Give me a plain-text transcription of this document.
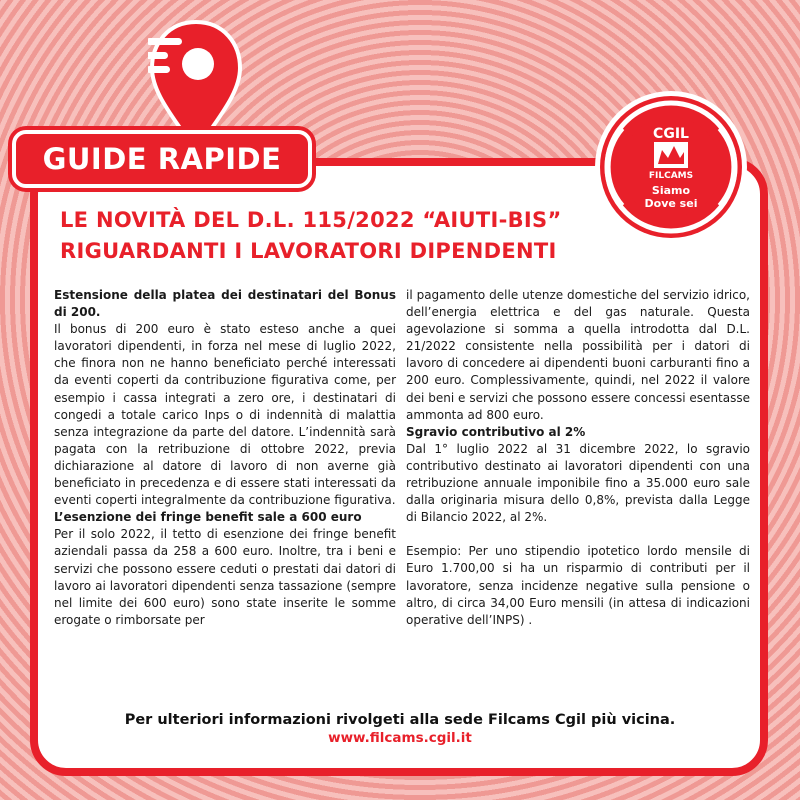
GUIDE RAPIDE
CGIL
FILCAMS
Siamo
Dove sei
LE NOVITÀ DEL D.L. 115/2022 “AIUTI-BIS”
RIGUARDANTI I LAVORATORI DIPENDENTI

Estensione della platea dei destinatari del Bonus di 200.

Il bonus di 200 euro è stato esteso anche a quei lavoratori dipendenti, in forza nel mese di luglio 2022, che finora non ne hanno beneficiato perché interessati da eventi coperti da contribuzione figurativa come, per esempio i cassa integrati a zero ore, i destinatari di congedi a totale carico Inps o di indennità di malattia senza integrazione da parte del datore. L’indennità sarà pagata con la retribuzione di ottobre 2022, previa dichiarazione al datore di lavoro di non averne già beneficiato in precedenza e di essere stati interessati da eventi coperti integralmente da contribuzione figurativa.

L’esenzione dei fringe benefit sale a 600 euro

Per il solo 2022, il tetto di esenzione dei fringe benefit aziendali passa da 258 a 600 euro. Inoltre, tra i beni e servizi che possono essere ceduti o prestati dai datori di lavoro ai lavoratori dipendenti senza tassazione (sempre nel limite dei 600 euro) sono state inserite le somme erogate o rimborsate per

il pagamento delle utenze domestiche del servizio idrico, dell’energia elettrica e del gas naturale. Questa agevolazione si somma a quella introdotta dal D.L. 21/2022 consistente nella possibilità per i datori di lavoro di concedere ai dipendenti buoni carburanti fino a 200 euro. Complessivamente, quindi, nel 2022 il valore dei beni e servizi che possono essere concessi esentasse ammonta ad 800 euro.

Sgravio contributivo al 2%

Dal 1° luglio 2022 al 31 dicembre 2022, lo sgravio contributivo destinato ai lavoratori dipendenti con una retribuzione annuale imponibile fino a 35.000 euro sale dalla originaria misura dello 0,8%, prevista dalla Legge di Bilancio 2022, al 2%.

Esempio: Per uno stipendio ipotetico lordo mensile di Euro 1.700,00 si ha un risparmio di contributi per il lavoratore, senza incidenze negative sulla pensione o altro, di circa 34,00 Euro mensili (in attesa di indicazioni operative dell’INPS) .

Per ulteriori informazioni rivolgeti alla sede Filcams Cgil più vicina.
www.filcams.cgil.it
